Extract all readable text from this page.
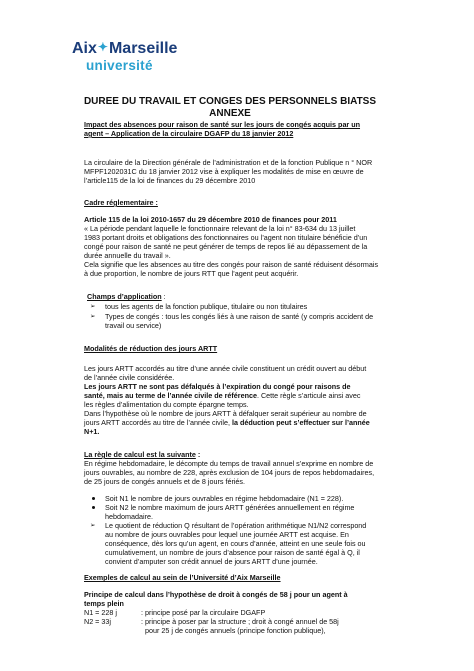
Aix✦Marseille
université
DUREE DU TRAVAIL ET CONGES DES PERSONNELS BIATSS
ANNEXE
Impact des absences pour raison de santé sur les jours de congés acquis par un
agent – Application de la circulaire DGAFP du 18 janvier 2012
La circulaire de la Direction générale de l’administration et de la fonction Publique n ° NOR
MFPF1202031C du 18 janvier 2012 vise à expliquer les modalités de mise en œuvre de
l’article115 de la loi de finances du 29 décembre 2010
Cadre réglementaire :
Article 115 de la loi 2010-1657 du 29 décembre 2010 de finances pour 2011
« La période pendant laquelle le fonctionnaire relevant de la loi n° 83-634 du 13 juillet
1983 portant droits et obligations des fonctionnaires ou l’agent non titulaire bénéficie d’un
congé pour raison de santé ne peut générer de temps de repos lié au dépassement de la
durée annuelle du travail ».
Cela signifie que les absences au titre des congés pour raison de santé réduisent désormais
à due proportion, le nombre de jours RTT que l’agent peut acquérir.
Champs d’application :
➢ tous les agents de la fonction publique, titulaire ou non titulaires
➢ Types de congés : tous les congés liés à une raison de santé (y compris accident de
travail ou service)
Modalités de réduction des jours ARTT
Les jours ARTT accordés au titre d’une année civile constituent un crédit ouvert au début
de l’année civile considérée.
Les jours ARTT ne sont pas défalqués à l’expiration du congé pour raisons de
santé, mais au terme de l’année civile de référence. Cette règle s’articule ainsi avec
les règles d’alimentation du compte épargne temps.
Dans l’hypothèse où le nombre de jours ARTT à défalquer serait supérieur au nombre de
jours ARTT accordés au titre de l’année civile, la déduction peut s’effectuer sur l’année
N+1.
La règle de calcul est la suivante :
En régime hebdomadaire, le décompte du temps de travail annuel s’exprime en nombre de
jours ouvrables, au nombre de 228, après exclusion de 104 jours de repos hebdomadaires,
de 25 jours de congés annuels et de 8 jours fériés.
Soit N1 le nombre de jours ouvrables en régime hebdomadaire (N1 = 228).
Soit N2 le nombre maximum de jours ARTT générées annuellement en régime
hebdomadaire.
➢ Le quotient de réduction Q résultant de l’opération arithmétique N1/N2 correspond
au nombre de jours ouvrables pour lequel une journée ARTT est acquise. En
conséquence, dès lors qu’un agent, en cours d’année, atteint en une seule fois ou
cumulativement, un nombre de jours d’absence pour raison de santé égal à Q, il
convient d’amputer son crédit annuel de jours ARTT d’une journée.
Exemples de calcul au sein de l’Université d’Aix Marseille
Principe de calcul dans l’hypothèse de droit à congés de 58 j pour un agent à
temps plein
N1 = 228 j	: principe posé par la circulaire DGAFP
N2 = 33j	: principe à poser par la structure ; droit à congé annuel de 58j
pour 25 j de congés annuels (principe fonction publique),
